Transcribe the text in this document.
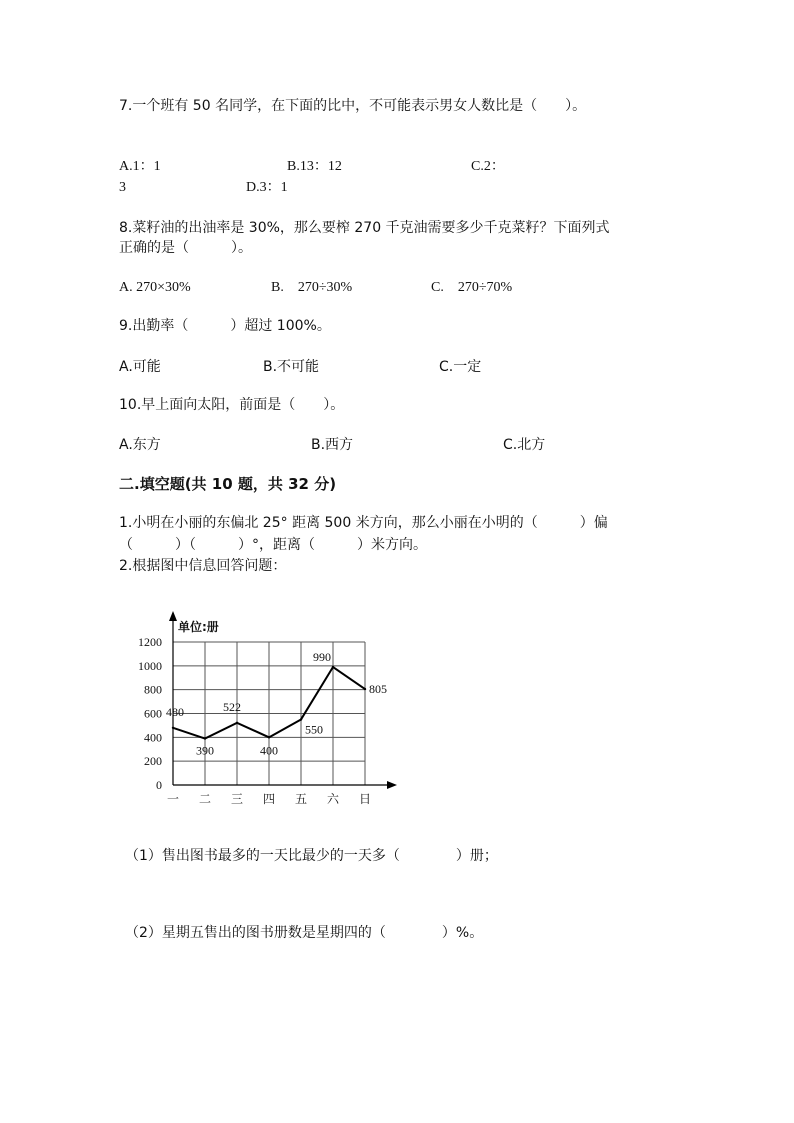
7.一个班有 50 名同学，在下面的比中，不可能表示男女人数比是（　　）。
A.1：1	B.13：12	C.2：
3	D.3：1
8.菜籽油的出油率是 30%，那么要榨 270 千克油需要多少千克菜籽？下面列式
正确的是（　　　）。
A. 270×30%	B.　270÷30%	C.　270÷70%
9.出勤率（　　　）超过 100%。
A.可能	B.不可能	C.一定
10.早上面向太阳，前面是（　　）。
A.东方	B.西方	C.北方
二.填空题(共 10 题，共 32 分)
1.小明在小丽的东偏北 25° 距离 500 米方向，那么小丽在小明的（　　　）偏
（　　　）（　　　）°，距离（　　　）米方向。
2.根据图中信息回答问题：
单位:册
0
200
400
600
800
1000
1200
一 二 三 四 五 六 日
480
390
522
400
550
990
805
（1）售出图书最多的一天比最少的一天多（　　　　）册；
（2）星期五售出的图书册数是星期四的（　　　　）%。
